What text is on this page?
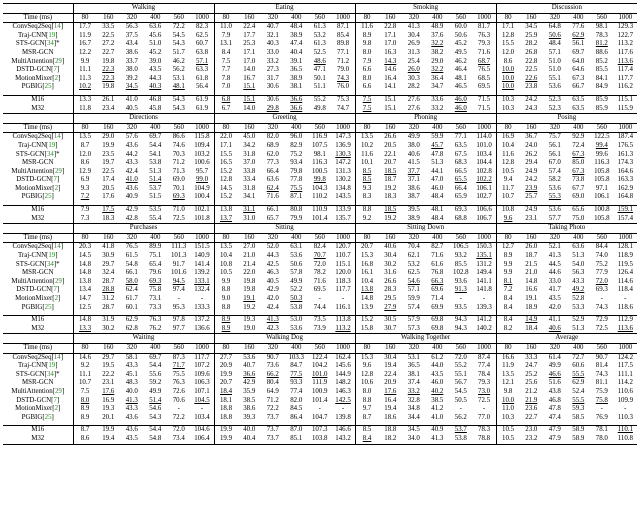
	Walking						Eating						Smoking						Discussion					
Time (ms)	80	160	320	400	560	1000	80	160	320	400	560	1000	80	160	320	400	560	1000	80	160	320	400	560	1000
ConvSeq2Seq[14]	17.7	33.5	56.3	63.6	72.2	82.3	11.0	22.4	40.7	48.4	61.3	87.1	11.6	22.8	41.3	48.9	60.0	81.7	17.1	34.5	64.8	77.6	98.1	129.3
Traj-CNN[19]	11.9	22.5	37.5	45.6	54.5	62.5	7.9	17.7	32.1	38.9	53.2	85.4	8.9	17.1	30.4	37.6	50.6	76.3	12.8	25.9	50.6	62.9	78.3	122.7
STS-GCN[34]*	16.7	27.2	43.4	51.0	54.3	60.7	13.1	25.3	40.3	47.4	61.3	89.8	9.8	17.0	26.9	32.2	45.2	79.3	15.5	28.2	48.4	56.1	81.2	113.2
MSR-GCN	12.2	22.7	38.6	45.2	51.7	63.8	8.4	17.1	33.0	40.4	52.5	77.1	8.0	16.3	31.3	38.2	49.5	71.6	12.0	26.8	57.1	69.7	88.6	117.6
MultiAttention[29]	9.9	19.8	33.7	39.0	46.2	57.1	7.5	17.0	33.2	39.1	48.6	71.2	7.9	14.3	25.4	29.0	46.2	68.7	8.6	22.8	51.0	64.0	85.2	113.6
DSTD-GCN[7]	11.1	22.3	38.0	43.5	56.2	63.3	7.7	14.0	27.3	36.5	47.1	79.0	6.6	14.6	26.0	32.2	46.4	76.5	10.0	22.5	51.0	64.6	85.5	117.4
MotionMixer[2]	11.3	22.3	39.2	44.3	53.1	61.8	7.8	16.7	31.7	38.9	50.1	74.3	8.0	16.4	30.3	36.4	48.1	68.5	10.0	22.6	55.1	67.3	84.1	117.7
PGBIG[25]	10.2	19.8	34.5	40.3	48.1	56.4	7.0	15.1	30.6	38.1	51.1	76.0	6.6	14.1	28.2	34.7	46.5	69.5	10.0	23.8	53.6	66.7	84.9	116.2

M16	13.3	26.1	41.0	46.8	54.3	61.9	6.8	15.1	30.6	36.6	55.2	75.3	7.5	15.1	27.6	33.6	46.0	71.5	10.3	24.2	52.3	63.5	85.9	115.1
M32	11.8	23.4	40.5	45.8	54.3	61.9	6.7	14.0	29.8	36.6	49.8	74.7	7.5	15.1	27.6	33.2	46.0	71.5	10.3	24.3	52.3	63.5	85.9	115.9
	Directions						Greeting						Phoning						Posing					
Time (ms)	80	160	320	400	560	1000	80	160	320	400	560	1000	80	160	320	400	560	1000	80	160	320	400	560	1000
ConvSeq2Seq[14]	13.5	29.0	57.6	69.7	86.6	115.8	22.0	45.0	82.0	96.0	116.9	147.3	13.5	26.6	49.9	59.9	77.1	114.0	16.9	36.7	75.7	92.9	122.5	187.4
Traj-CNN[19]	8.7	19.9	43.6	54.4	74.6	109.4	17.1	34.2	68.9	82.9	107.5	136.9	10.2	20.5	38.0	45.7	63.5	101.0	10.4	24.0	56.1	72.4	99.4	176.5
STS-GCN[34]*	12.0	23.5	44.2	54.1	70.3	103.2	15.5	31.8	62.0	75.2	98.1	130.3	11.6	22.1	40.6	47.8	67.5	103.4	11.6	26.2	56.1	67.3	99.6	161.3
MSR-GCN	8.6	19.7	43.3	53.8	71.2	100.6	16.5	37.0	77.3	93.4	116.3	147.2	10.1	20.7	41.5	51.3	68.3	104.4	12.8	29.4	67.0	85.0	116.3	174.3
MultiAttention[29]	12.9	22.5	42.4	51.3	71.3	95.7	15.2	33.8	66.4	79.8	100.5	131.3	8.5	18.5	37.7	44.1	66.5	102.8	10.5	24.9	57.4	67.3	105.8	164.6
DSTD-GCN[7]	6.9	17.4	41.0	51.4	69.0	99.0	12.8	33.4	63.6	77.8	99.8	130.2	8.5	18.7	37.1	47.0	65.5	102.2	9.4	24.2	58.2	73.8	105.8	163.3
MotionMixer[2]	9.3	20.5	43.6	53.7	70.1	104.9	14.5	31.8	62.4	75.5	104.3	134.8	9.3	19.2	38.6	46.0	66.4	106.1	11.7	23.9	53.6	67.7	97.1	162.9
PGBIG[25]	7.2	17.6	40.9	51.5	69.3	100.4	15.2	34.1	71.6	87.1	110.2	143.5	8.3	18.3	38.7	48.4	65.9	102.7	10.7	25.7	55.3	69.0	106.1	164.8

M16	7.9	17.5	42.9	53.5	71.0	102.1	13.8	31.1	66.1	80.8	110.9	133.9	8.8	18.5	39.5	48.1	69.3	106.6	10.8	24.9	53.6	65.6	100.8	159.1
M32	7.3	18.3	42.8	55.4	72.5	101.8	13.7	31.0	65.7	79.9	101.4	135.7	9.2	19.2	38.9	48.4	68.8	106.7	9.6	23.1	57.7	75.0	105.8	157.4
	Purchases						Sitting						Sitting Down						Taking Photo					
Time (ms)	80	160	320	400	560	1000	80	160	320	400	560	1000	80	160	320	400	560	1000	80	160	320	400	560	1000
ConvSeq2Seq[14]	20.3	41.8	76.5	89.9	111.3	151.5	13.5	27.0	52.0	63.1	82.4	120.7	20.7	40.6	70.4	82.7	106.5	150.3	12.7	26.0	52.1	63.6	84.4	128.1
Traj-CNN[19]	14.5	30.9	61.5	75.1	101.3	140.9	10.4	21.0	44.3	53.6	70.7	110.7	15.3	30.4	62.1	71.6	93.2	135.1	8.9	18.7	41.3	51.3	74.0	118.9
STS-GCN[34]*	14.8	29.7	54.8	65.4	91.7	141.4	10.8	21.4	42.5	50.6	72.0	115.1	16.8	30.2	53.2	61.6	85.5	131.2	9.9	21.5	44.5	54.0	75.2	119.5
MSR-GCN	14.8	32.4	66.1	79.6	101.6	139.2	10.5	22.0	46.3	57.8	78.2	120.0	16.1	31.6	62.5	76.8	102.8	149.4	9.9	21.0	44.6	56.3	77.9	126.4
MultiAttention[29]	13.8	28.7	58.0	69.3	94.5	133.1	9.9	19.8	40.5	49.9	71.6	118.3	10.4	26.6	54.6	66.3	93.6	141.1	8.1	14.8	33.0	43.3	72.0	114.6
DSTD-GCN[7]	13.4	28.8	62.4	75.8	97.4	132.4	8.8	19.8	42.9	52.2	69.5	117.7	13.8	28.3	57.1	69.6	91.3	141.8	7.2	16.6	41.7	49.2	69.3	118.4
MotionMixer[2]	14.7	31.2	61.7	73.1	-	-	9.0	19.1	42.0	50.3	-	-	14.8	29.5	59.9	71.4	-	-	8.4	19.1	43.5	52.8	-	-
PGBIG[25]	12.5	28.7	60.1	73.3	95.3	133.3	8.8	19.2	42.4	53.8	74.4	116.1	13.9	27.9	57.4	69.9	93.5	139.3	8.4	18.9	42.0	53.3	74.3	118.6

M16	14.8	31.9	62.9	76.3	97.8	137.2	8.9	19.3	41.3	53.0	73.5	113.8	15.2	30.5	57.9	69.8	94.3	141.2	8.4	14.9	41.1	52.9	72.9	112.9
M32	13.3	30.2	62.8	76.2	97.7	136.6	8.9	19.0	42.3	53.6	73.9	113.2	15.8	30.7	57.3	69.8	94.3	140.2	8.2	18.4	40.6	51.3	72.5	113.6
	Waiting						Walking Dog						Walking Together						Average					
Time (ms)	80	160	320	400	560	1000	80	160	320	400	560	1000	80	160	320	400	560	1000	80	160	320	400	560	1000
ConvSeq2Seq[14]	14.6	29.7	58.1	69.7	87.3	117.7	27.7	53.6	90.7	103.3	122.4	162.4	15.3	30.4	53.1	61.2	72.0	87.4	16.6	33.3	61.4	72.7	90.7	124.2
Traj-CNN[19]	9.2	19.5	43.3	54.4	71.7	107.2	20.9	40.7	73.6	84.7	104.2	145.6	9.6	19.4	36.5	44.0	55.2	77.4	11.9	24.7	49.9	60.6	81.4	117.5
STS-GCN[34]*	11.1	22.2	45.1	55.6	75.5	109.6	19.9	36.6	66.2	77.5	101.0	144.9	12.8	22.4	38.1	43.5	55.1	78.4	13.5	25.2	46.6	55.5	74.3	111.1
MSR-GCN	10.7	23.1	48.3	59.2	76.3	106.3	20.7	42.9	80.4	93.3	111.9	148.2	10.6	20.9	37.4	46.0	56.7	79.3	12.1	25.6	51.6	62.9	81.1	114.2
MultiAttention[29]	7.5	17.6	40.0	49.9	72.6	107.1	18.4	35.9	64.9	77.4	100.9	146.3	8.0	17.6	33.2	40.2	54.5	73.0	9.8	21.2	43.8	52.4	75.9	110.6
DSTD-GCN[7]	8.0	16.9	41.3	51.4	70.6	104.5	18.1	38.5	71.2	82.0	101.4	142.5	8.8	16.4	32.8	38.5	50.5	72.5	10.0	21.9	46.8	55.5	75.8	109.9
MotionMixer[2]	8.9	19.3	43.3	54.6	-	-	18.8	38.6	72.2	84.5	-	-	9.7	19.4	34.8	41.2	-	-	11.0	23.6	47.8	59.3	-	-
PGBIG[25]	8.9	20.1	43.6	54.3	72.2	103.4	18.8	39.3	73.7	86.4	104.7	139.8	8.7	18.6	34.4	41.0	56.2	77.0	10.3	22.7	47.4	58.5	76.9	110.3

M16	8.7	19.9	43.6	54.4	72.0	104.6	19.9	40.0	73.7	87.0	107.3	146.6	8.5	18.8	34.5	40.9	53.7	78.3	10.5	23.0	47.9	58.9	78.1	110.1
M32	8.6	19.4	43.5	54.8	73.4	106.4	19.9	40.4	73.7	85.1	103.8	143.2	8.4	18.2	34.0	41.3	53.8	78.8	10.5	23.2	47.9	58.9	78.0	110.8
